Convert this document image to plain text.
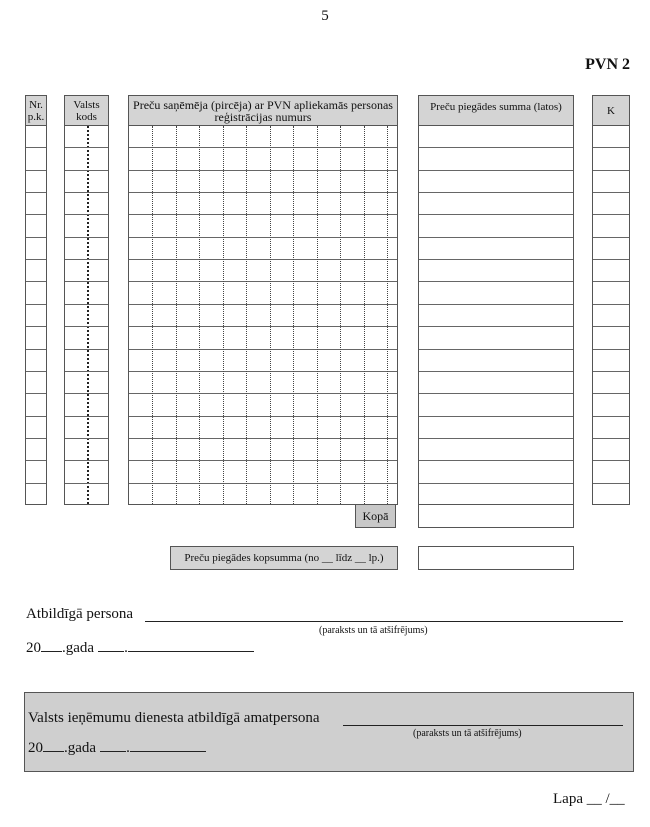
5
PVN 2
Nr. p.k.
Valsts kods
Preču saņēmēja (pircēja) ar PVN apliekamās personas reģistrācijas numurs
Preču piegādes summa (latos)	K
Kopā
Preču piegādes kopsumma (no __ līdz __ lp.)
Atbildīgā persona
(paraksts un tā atšifrējums)
20 .gada .
Valsts ieņēmumu dienesta atbildīgā amatpersona
(paraksts un tā atšifrējums)
20 .gada .
Lapa __ /__
